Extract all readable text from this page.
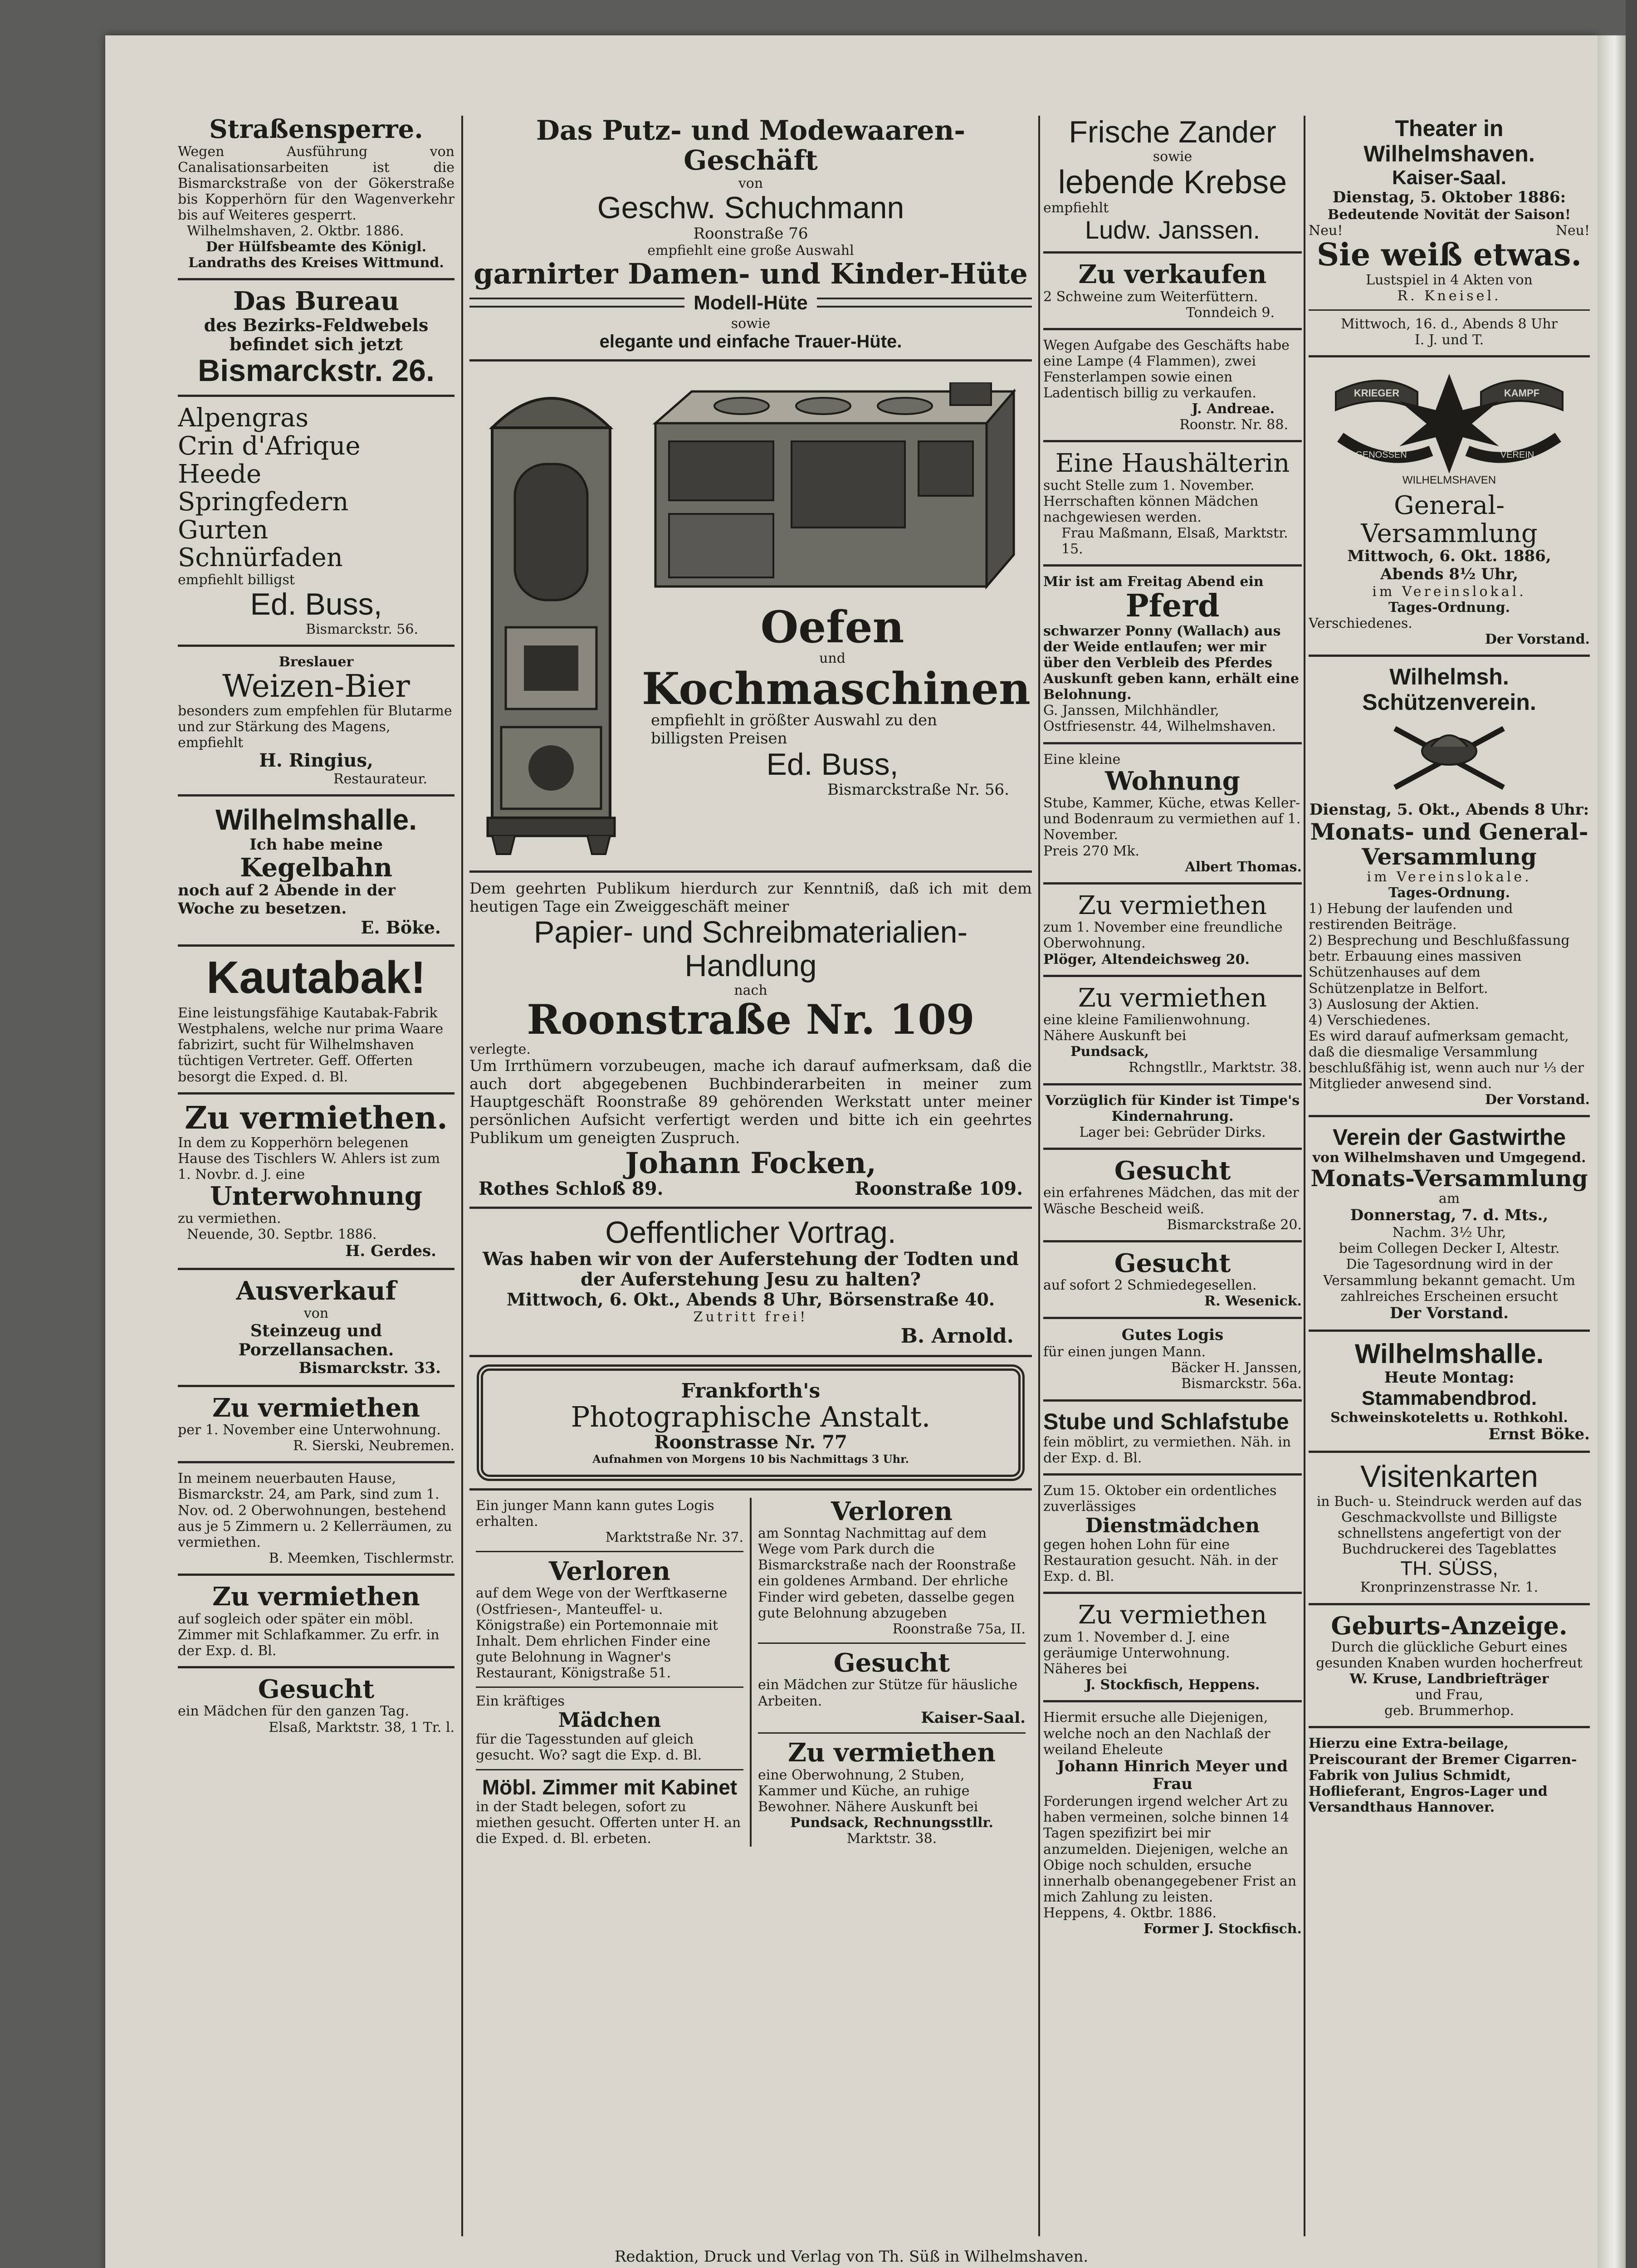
Straßensperre.
Wegen Ausführung von Canalisationsarbeiten ist die Bismarckstraße von der Gökerstraße bis Kopperhörn für den Wagenverkehr bis auf Weiteres gesperrt.
Wilhelmshaven, 2. Oktbr. 1886.
Der Hülfsbeamte des Königl. Landraths des Kreises Wittmund.
Das Bureau
des Bezirks-Feldwebels
befindet sich jetzt
Bismarckstr. 26.
Alpengras
Crin d'Afrique
Heede
Springfedern
Gurten
Schnürfaden
empfiehlt billigst
Ed. Buss,
Bismarckstr. 56.
Breslauer
Weizen-Bier
besonders zum empfehlen für Blutarme und zur Stärkung des Magens, empfiehlt
H. Ringius,
Restaurateur.
Wilhelmshalle.
Ich habe meine
Kegelbahn
noch auf 2 Abende in der Woche zu besetzen.
E. Böke.
Kautabak!
Eine leistungsfähige Kautabak-Fabrik Westphalens, welche nur prima Waare fabrizirt, sucht für Wilhelmshaven tüchtigen Vertreter. Geff. Offerten besorgt die Exped. d. Bl.
Zu vermiethen.
In dem zu Kopperhörn belegenen Hause des Tischlers W. Ahlers ist zum 1. Novbr. d. J. eine
Unterwohnung
zu vermiethen.
Neuende, 30. Septbr. 1886.
H. Gerdes.
Ausverkauf
von
Steinzeug und Porzellansachen.
Bismarckstr. 33.
Zu vermiethen
per 1. November eine Unterwohnung.
R. Sierski, Neubremen.
In meinem neuerbauten Hause, Bismarckstr. 24, am Park, sind zum 1. Nov. od. 2 Oberwohnungen, bestehend aus je 5 Zimmern u. 2 Kellerräumen, zu vermiethen.
B. Meemken, Tischlermstr.
Zu vermiethen
auf sogleich oder später ein möbl. Zimmer mit Schlafkammer. Zu erfr. in der Exp. d. Bl.
Gesucht
ein Mädchen für den ganzen Tag.
Elsaß, Marktstr. 38, 1 Tr. l.
Das Putz- und Modewaaren-Geschäft
von
Geschw. Schuchmann
Roonstraße 76
empfiehlt eine große Auswahl
garnirter Damen- und Kinder-Hüte
Modell-Hüte
sowie
elegante und einfache Trauer-Hüte.
Oefen
und
Kochmaschinen
empfiehlt in größter Auswahl zu den billigsten Preisen
Ed. Buss,
Bismarckstraße Nr. 56.
Dem geehrten Publikum hierdurch zur Kenntniß, daß ich mit dem heutigen Tage ein Zweiggeschäft meiner
Papier- und Schreibmaterialien-Handlung
nach
Roonstraße Nr. 109
verlegte.
Um Irrthümern vorzubeugen, mache ich darauf aufmerksam, daß die auch dort abgegebenen Buchbinderarbeiten in meiner zum Hauptgeschäft Roonstraße 89 gehörenden Werkstatt unter meiner persönlichen Aufsicht verfertigt werden und bitte ich ein geehrtes Publikum um geneigten Zuspruch.
Johann Focken,
Rothes Schloß 89.	Roonstraße 109.
Oeffentlicher Vortrag.
Was haben wir von der Auferstehung der Todten und der Auferstehung Jesu zu halten?
Mittwoch, 6. Okt., Abends 8 Uhr, Börsenstraße 40.
Zutritt frei!
B. Arnold.
Frankforth's
Photographische Anstalt.
Roonstrasse Nr. 77
Aufnahmen von Morgens 10 bis Nachmittags 3 Uhr.
Ein junger Mann kann gutes Logis erhalten.
Marktstraße Nr. 37.
Verloren
auf dem Wege von der Werftkaserne (Ostfriesen-, Manteuffel- u. Königstraße) ein Portemonnaie mit Inhalt. Dem ehrlichen Finder eine gute Belohnung in Wagner's Restaurant, Königstraße 51.
Ein kräftiges
Mädchen
für die Tagesstunden auf gleich gesucht. Wo? sagt die Exp. d. Bl.
Möbl. Zimmer mit Kabinet
in der Stadt belegen, sofort zu miethen gesucht. Offerten unter H. an die Exped. d. Bl. erbeten.
Verloren
am Sonntag Nachmittag auf dem Wege vom Park durch die Bismarckstraße nach der Roonstraße ein goldenes Armband. Der ehrliche Finder wird gebeten, dasselbe gegen gute Belohnung abzugeben
Roonstraße 75a, II.
Gesucht
ein Mädchen zur Stütze für häusliche Arbeiten.
Kaiser-Saal.
Zu vermiethen
eine Oberwohnung, 2 Stuben, Kammer und Küche, an ruhige Bewohner. Nähere Auskunft bei
Pundsack, Rechnungsstllr.
Marktstr. 38.
Frische Zander
sowie
lebende Krebse
empfiehlt
Ludw. Janssen.
Zu verkaufen
2 Schweine zum Weiterfüttern.
Tonndeich 9.
Wegen Aufgabe des Geschäfts habe eine Lampe (4 Flammen), zwei Fensterlampen sowie einen Ladentisch billig zu verkaufen.
J. Andreae.
Roonstr. Nr. 88.
Eine Haushälterin
sucht Stelle zum 1. November. Herrschaften können Mädchen nachgewiesen werden.
Frau Maßmann, Elsaß, Marktstr. 15.
Mir ist am Freitag Abend ein
Pferd
schwarzer Ponny (Wallach) aus der Weide entlaufen; wer mir über den Verbleib des Pferdes Auskunft geben kann, erhält eine Belohnung.
G. Janssen, Milchhändler, Ostfriesenstr. 44, Wilhelmshaven.
Eine kleine
Wohnung
Stube, Kammer, Küche, etwas Keller- und Bodenraum zu vermiethen auf 1. November.
Preis 270 Mk.
Albert Thomas.
Zu vermiethen
zum 1. November eine freundliche Oberwohnung.
Plöger, Altendeichsweg 20.
Zu vermiethen
eine kleine Familienwohnung. Nähere Auskunft bei
Pundsack,
Rchngstllr., Marktstr. 38.
Vorzüglich für Kinder ist Timpe's Kindernahrung.
Lager bei: Gebrüder Dirks.
Gesucht
ein erfahrenes Mädchen, das mit der Wäsche Bescheid weiß.
Bismarckstraße 20.
Gesucht
auf sofort 2 Schmiedegesellen.
R. Wesenick.
Gutes Logis
für einen jungen Mann.
Bäcker H. Janssen,
Bismarckstr. 56a.
Stube und Schlafstube
fein möblirt, zu vermiethen. Näh. in der Exp. d. Bl.
Zum 15. Oktober ein ordentliches zuverlässiges
Dienstmädchen
gegen hohen Lohn für eine Restauration gesucht. Näh. in der Exp. d. Bl.
Zu vermiethen
zum 1. November d. J. eine geräumige Unterwohnung.
Näheres bei
J. Stockfisch, Heppens.
Hiermit ersuche alle Diejenigen, welche noch an den Nachlaß der weiland Eheleute
Johann Hinrich Meyer und Frau
Forderungen irgend welcher Art zu haben vermeinen, solche binnen 14 Tagen spezifizirt bei mir anzumelden. Diejenigen, welche an Obige noch schulden, ersuche innerhalb obenangegebener Frist an mich Zahlung zu leisten.
Heppens, 4. Oktbr. 1886.
Former J. Stockfisch.
Theater in Wilhelmshaven.
Kaiser-Saal.
Dienstag, 5. Oktober 1886:
Bedeutende Novität der Saison!
Neu!	Neu!
Sie weiß etwas.
Lustspiel in 4 Akten von
R. Kneisel.
Mittwoch, 16. d., Abends 8 Uhr
I. J. und T.
KRIEGER	KAMPF
GENOSSEN	VEREIN
WILHELMSHAVEN
General-Versammlung
Mittwoch, 6. Okt. 1886,
Abends 8½ Uhr,
im Vereinslokal.
Tages-Ordnung.
Verschiedenes.
Der Vorstand.
Wilhelmsh. Schützenverein.
Dienstag, 5. Okt., Abends 8 Uhr:
Monats- und General-Versammlung
im Vereinslokale.
Tages-Ordnung.
1) Hebung der laufenden und restirenden Beiträge.
2) Besprechung und Beschlußfassung betr. Erbauung eines massiven Schützenhauses auf dem Schützenplatze in Belfort.
3) Auslosung der Aktien.
4) Verschiedenes.
Es wird darauf aufmerksam gemacht, daß die diesmalige Versammlung beschlußfähig ist, wenn auch nur ⅓ der Mitglieder anwesend sind.
Der Vorstand.
Verein der Gastwirthe
von Wilhelmshaven und Umgegend.
Monats-Versammlung
am
Donnerstag, 7. d. Mts.,
Nachm. 3½ Uhr,
beim Collegen Decker I, Altestr.
Die Tagesordnung wird in der Versammlung bekannt gemacht. Um zahlreiches Erscheinen ersucht
Der Vorstand.
Wilhelmshalle.
Heute Montag:
Stammabendbrod.
Schweinskoteletts u. Rothkohl.
Ernst Böke.
Visitenkarten
in Buch- u. Steindruck werden auf das Geschmackvollste und Billigste schnellstens angefertigt von der Buchdruckerei des Tageblattes
TH. SÜSS,
Kronprinzenstrasse Nr. 1.
Geburts-Anzeige.
Durch die glückliche Geburt eines gesunden Knaben wurden hocherfreut
W. Kruse, Landbriefträger
und Frau,
geb. Brummerhop.
Hierzu eine Extra-beilage, Preiscourant der Bremer Cigarren-Fabrik von Julius Schmidt, Hoflieferant, Engros-Lager und Versandthaus Hannover.
Redaktion, Druck und Verlag von Th. Süß in Wilhelmshaven.
